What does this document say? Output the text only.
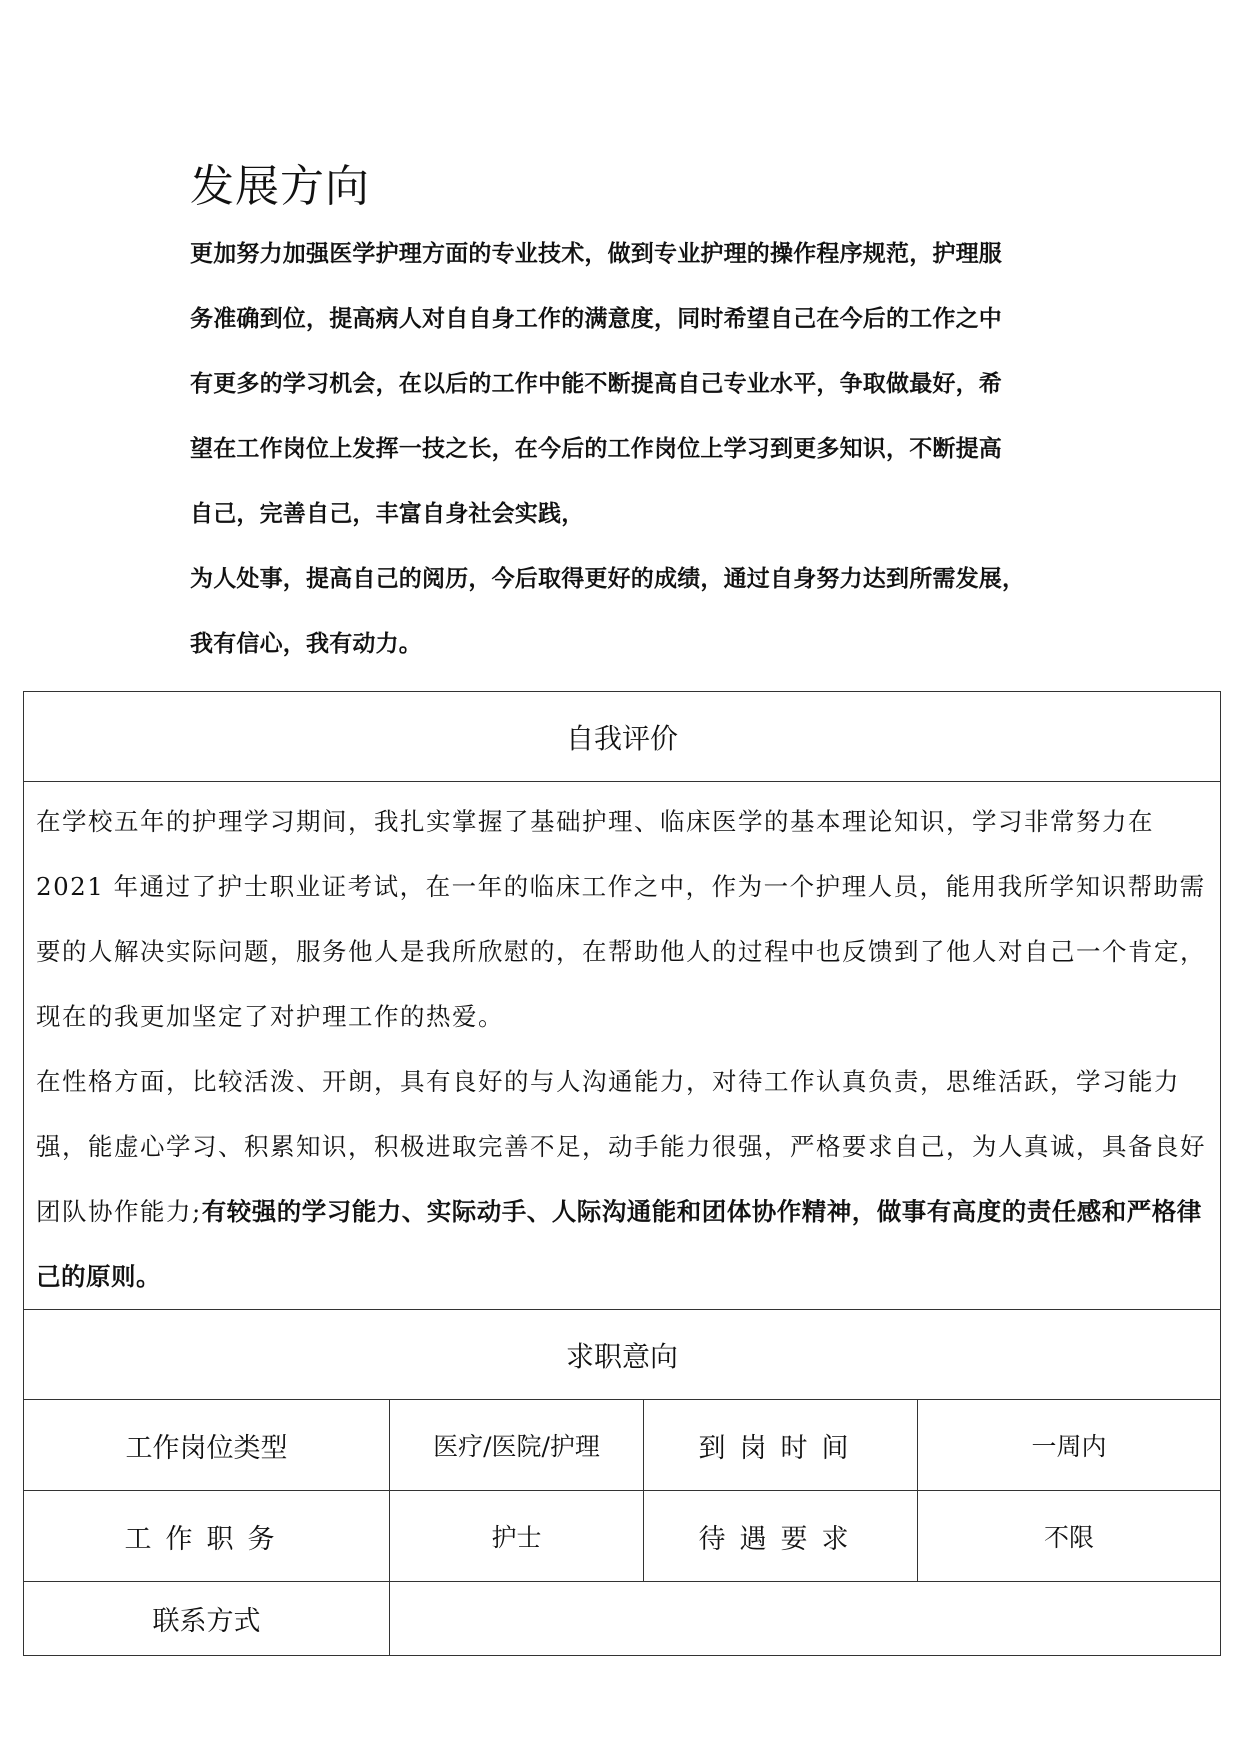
发展方向

更加努力加强医学护理方面的专业技术，做到专业护理的操作程序规范，护理服

务准确到位，提高病人对自自身工作的满意度，同时希望自己在今后的工作之中

有更多的学习机会，在以后的工作中能不断提高自己专业水平，争取做最好，希

望在工作岗位上发挥一技之长，在今后的工作岗位上学习到更多知识，不断提高

自己，完善自己，丰富自身社会实践，

为人处事，提高自己的阅历，今后取得更好的成绩，通过自身努力达到所需发展，

我有信心，我有动力。

自我评价			

在学校五年的护理学习期间，我扎实掌握了基础护理、临床医学的基本理论知识，学习非常努力在 2021 年通过了护士职业证考试，在一年的临床工作之中，作为一个护理人员，能用我所学知识帮助需要的人解决实际问题，服务他人是我所欣慰的，在帮助他人的过程中也反馈到了他人对自己一个肯定，现在的我更加坚定了对护理工作的热爱。

在性格方面，比较活泼、开朗，具有良好的与人沟通能力，对待工作认真负责，思维活跃，学习能力强，能虚心学习、积累知识，积极进取完善不足，动手能力很强，严格要求自己，为人真诚，具备良好团队协作能力;有较强的学习能力、实际动手、人际沟通能和团体协作精神，做事有高度的责任感和严格律己的原则。			

求职意向			
工作岗位类型	医疗/医院/护理	到岗时间	一周内
工作职务	护士	待遇要求	不限
联系方式			
